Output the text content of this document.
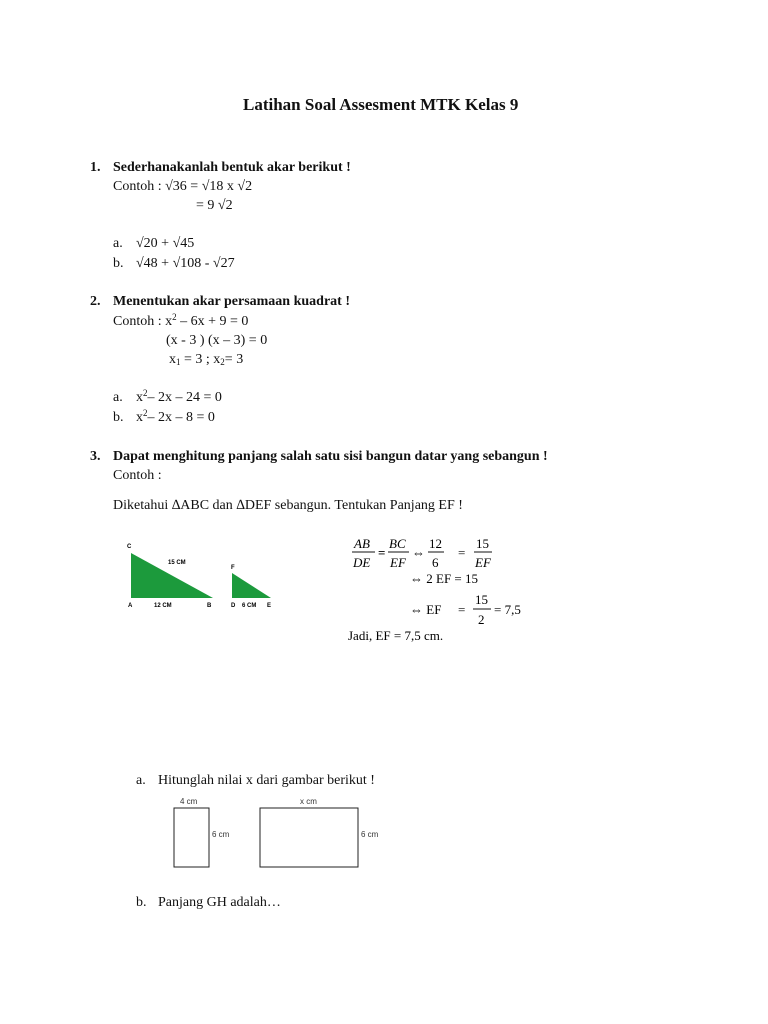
Latihan Soal Assesment MTK Kelas 9
1. Sederhanakanlah bentuk akar berikut !
Contoh : √36 = √18 x √2
= 9 √2
a. √20 + √45
b. √48 + √108 - √27
2. Menentukan akar persamaan kuadrat !
Contoh : $x^2 - 6x + 9 = 0$
(x - 3 ) (x – 3) = 0
$x_1 = 3$ ; $x_2= 3$
a. $x^2-$ 2x – 24 = 0
b. $x^2-$ 2x – 8 = 0
3. Dapat menghitung panjang salah satu sisi bangun datar yang sebangun !
Contoh :
Diketahui ∆ABC dan ∆DEF sebangun. Tentukan Panjang EF !
C
15 CM
A	12 CM	B
F
D 6 CM E
AB
DE
=
BC
EF
⇔
12
6
=
15
EF
⇔ 2 EF = 15
⇔ EF =
15
2
= 7,5
Jadi, EF = 7,5 cm.
a. Hitunglah nilai x dari gambar berikut !
4 cm
6 cm
x cm
6 cm
b. Panjang GH adalah…
